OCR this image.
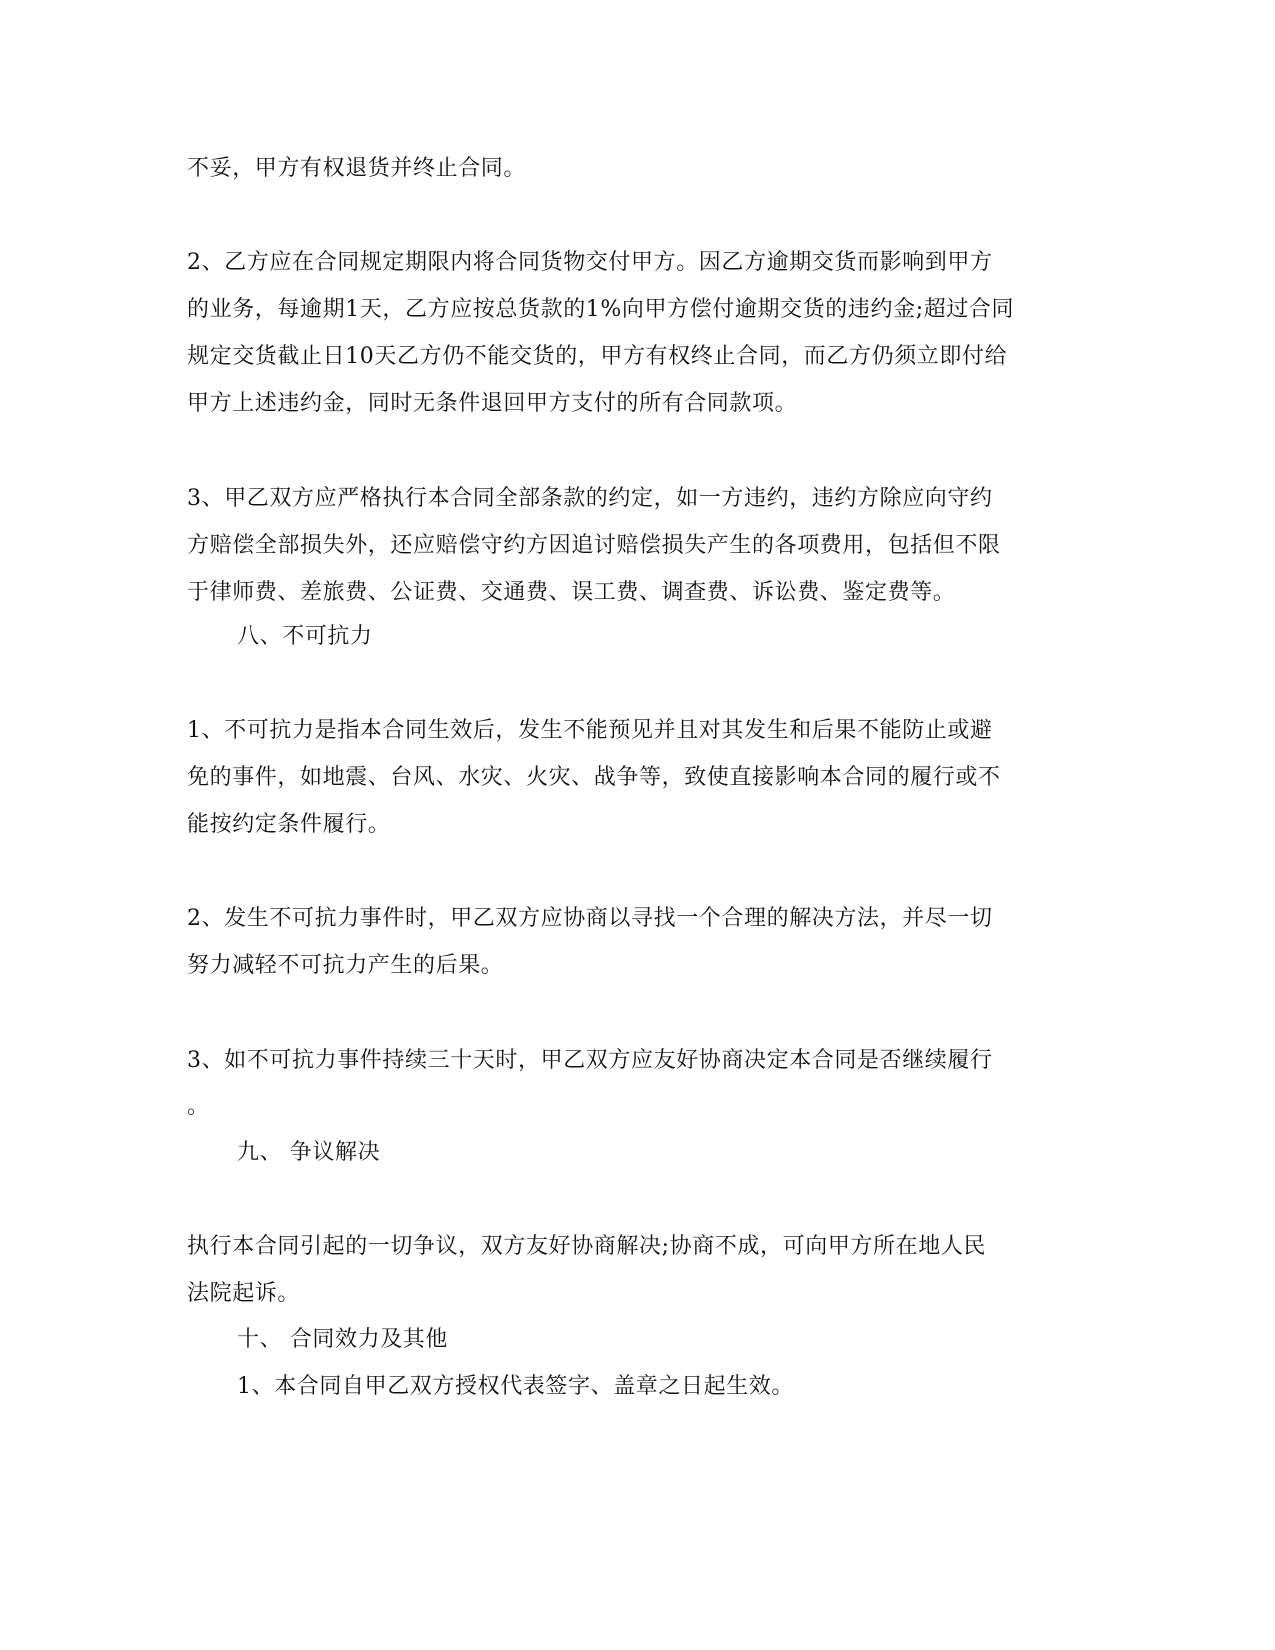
不妥，甲方有权退货并终止合同。
2、乙方应在合同规定期限内将合同货物交付甲方。因乙方逾期交货而影响到甲方
的业务，每逾期1天，乙方应按总货款的1%向甲方偿付逾期交货的违约金;超过合同
规定交货截止日10天乙方仍不能交货的，甲方有权终止合同，而乙方仍须立即付给
甲方上述违约金，同时无条件退回甲方支付的所有合同款项。
3、甲乙双方应严格执行本合同全部条款的约定，如一方违约，违约方除应向守约
方赔偿全部损失外，还应赔偿守约方因追讨赔偿损失产生的各项费用，包括但不限
于律师费、差旅费、公证费、交通费、误工费、调查费、诉讼费、鉴定费等。
八、不可抗力
1、不可抗力是指本合同生效后，发生不能预见并且对其发生和后果不能防止或避
免的事件，如地震、台风、水灾、火灾、战争等，致使直接影响本合同的履行或不
能按约定条件履行。
2、发生不可抗力事件时，甲乙双方应协商以寻找一个合理的解决方法，并尽一切
努力减轻不可抗力产生的后果。
3、如不可抗力事件持续三十天时，甲乙双方应友好协商决定本合同是否继续履行
。
九、 争议解决
执行本合同引起的一切争议，双方友好协商解决;协商不成，可向甲方所在地人民
法院起诉。
十、 合同效力及其他
1、本合同自甲乙双方授权代表签字、盖章之日起生效。
